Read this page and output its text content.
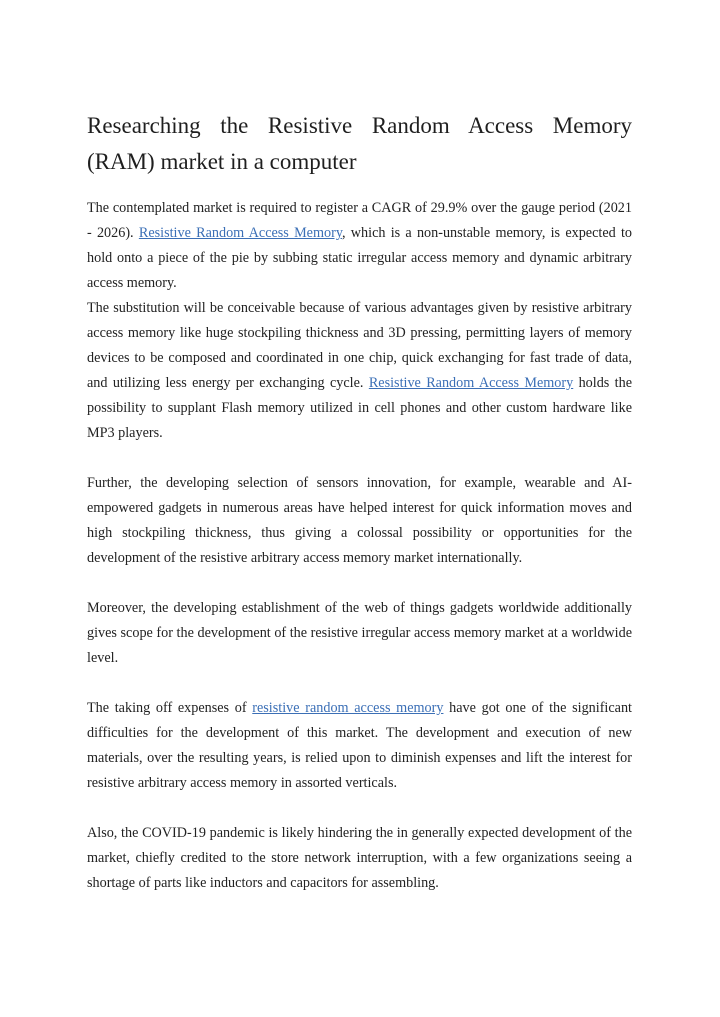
Researching the Resistive Random Access Memory (RAM) market in a computer

The contemplated market is required to register a CAGR of 29.9% over the gauge period (2021 - 2026). Resistive Random Access Memory, which is a non-unstable memory, is expected to hold onto a piece of the pie by subbing static irregular access memory and dynamic arbitrary access memory.

The substitution will be conceivable because of various advantages given by resistive arbitrary access memory like huge stockpiling thickness and 3D pressing, permitting layers of memory devices to be composed and coordinated in one chip, quick exchanging for fast trade of data, and utilizing less energy per exchanging cycle. Resistive Random Access Memory holds the possibility to supplant Flash memory utilized in cell phones and other custom hardware like MP3 players.

Further, the developing selection of sensors innovation, for example, wearable and AI-empowered gadgets in numerous areas have helped interest for quick information moves and high stockpiling thickness, thus giving a colossal possibility or opportunities for the development of the resistive arbitrary access memory market internationally.

Moreover, the developing establishment of the web of things gadgets worldwide additionally gives scope for the development of the resistive irregular access memory market at a worldwide level.

The taking off expenses of resistive random access memory have got one of the significant difficulties for the development of this market. The development and execution of new materials, over the resulting years, is relied upon to diminish expenses and lift the interest for resistive arbitrary access memory in assorted verticals.

Also, the COVID-19 pandemic is likely hindering the in generally expected development of the market, chiefly credited to the store network interruption, with a few organizations seeing a shortage of parts like inductors and capacitors for assembling.
